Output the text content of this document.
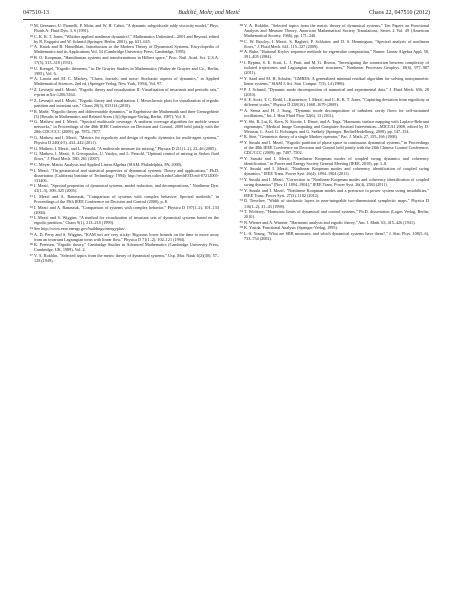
047510-13	Budišić, Mohr, and Mezić	Chaos 22, 047510 (2012)
15 M. Germano, U. Piomelli, P. Moin, and W. H. Cabot, "A dynamic subgridscale eddy viscosity model," Phys. Fluids A: Fluid Dyn. 3, 6 (1991).
16 C. K. R. T. Jones, "Whither applied nonlinear dynamics?," Mathematics Unlimited—2001 and Beyond, edited by B. Engquist and W. Schmid (Springer, Berlin, 2001), pp. 631–645.
17 A. Katok and B. Hasselblatt, Introduction to the Modern Theory of Dynamical Systems, Encyclopedia of Mathematics and its Applications Vol. 54 (Cambridge University Press, Cambridge, 1995).
18 B. O. Koopman, "Hamiltonian systems and transformations in Hilbert space," Proc. Natl. Acad. Sci. U.S.A. 17(5), 315–318 (1931).
19 U. Krengel, "Ergodic theorems," in De Gruyter Studies in Mathematics (Walter de Gruyter and Co., Berlin, 1985), Vol. 6.
20 A. Lasota and M. C. Mackey, "Chaos, fractals, and noise: Stochastic aspects of dynamics," in Applied Mathematical Sciences, 2nd ed. (Springer-Verlag, New York, 1994), Vol. 97.
21 Z. Levnajić and I. Mezić, "Ergodic theory and visualization II: Visualization of invariants and periodic sets," e-print arXiv:1206.3164.
22 Z. Levnajić and I. Mezić, "Ergodic theory and visualization. I. Mesochronic plots for visualization of ergodic partition and invariant sets," Chaos 20(3), 033114 (2010).
23 R. Mañé, "Ergodic theory and differentiable dynamics," in Ergebnisse der Mathematik und ihrer Grenzgebiete (3) [Results in Mathematics and Related Areas (3)] (Springer-Verlag, Berlin, 1987), Vol. 8.
24 G. Mathew and I. Mezić, "Spectral multiscale coverage: A uniform coverage algorithm for mobile sensor networks," in Proceedings of the 48th IEEE Conference on Decision and Control, 2009 held jointly with the 28th CDC/CCC (2009), pp. 7872–7877.
25 G. Mathew and I. Mezić, "Metrics for ergodicity and design of ergodic dynamics for multi-agent systems," Physica D 240(4-5), 432–442 (2011).
26 G. Mathew, I. Mezić, and L. Petzold, "A multiscale measure for mixing," Physica D 211(1–2), 23–46 (2005).
27 G. Mathew, I. Mezić, S. Grivopoulos, U. Vaidya, and L. Petzold, "Optimal control of mixing in Stokes fluid flows," J. Fluid Mech. 580, 261 (2007).
28 C. Meyer, Matrix Analysis and Applied Linear Algebra (SIAM, Philadelphia, PA, 2000).
29 I. Mezić, "On geometrical and statistical properties of dynamical systems: Theory and applications," Ph.D. dissertation (California Institute of Technology, 1994); http://resolver.caltech.edu/CaltechETD:etd-07212005-131406.
30 I. Mezić, "Spectral properties of dynamical systems, model reduction, and decompositions," Nonlinear Dyn. 41(1–3), 309–325 (2005).
31 I. Mezić and A. Banaszuk, "Comparison of systems with complex behavior: Spectral methods," in Proceedings of the 39th IEEE Conference on Decision and Control (2000), p. 8.
32 I. Mezić and A. Banaszuk, "Comparison of systems with complex behavior," Physica D 197(1–2), 101–133 (2004).
33 I. Mezić and S. Wiggins, "A method for visualization of invariant sets of dynamical systems based on the ergodic partition," Chaos 9(1), 213–218 (1999).
34 See http://www.eere.energy.gov/buildings/energyplus/.
35 A. D. Perry and S. Wiggins, "KAM tori are very sticky: Rigorous lower bounds on the time to move away from an invariant Lagrangian torus with linear flow," Physica D 71(1–2), 102–121 (1994).
36 K. Petersen, "Ergodic theory," Cambridge Studies in Advanced Mathematics (Cambridge University Press, Cambridge, UK, 1989), Vol. 2.
37 V. A. Rokhlin, "Selected topics from the metric theory of dynamical systems," Usp. Mat. Nauk 4(2)(30), 57–128 (1949).
38 V. A. Rokhlin, "Selected topics from the metric theory of dynamical systems," Ten Papers on Functional Analysis and Measure Theory, American Mathematical Society Translations, Series 2 Vol. 49 (American Mathematical Society, 1966), pp. 171–240.
39 C. W. Rowley, I. Mezić, S. Bagheri, P. Schlatter, and D. S. Henningson, "Spectral analysis of nonlinear flows," J. Fluid Mech. 641, 115–127 (2009).
40 A. Ruhe, "Rational Krylov sequence methods for eigenvalue computation," Numer. Linear Algebra Appl. 58, 391–405 (1984).
41 I. Rypina, S. E. Scott, L. J. Pratt, and M. G. Brown, "Investigating the connection between complexity of isolated trajectories and Lagrangian coherent structures," Nonlinear Processes Geophys. 18(6), 977–987 (2011).
42 Y. Saad and M. H. Schultz, "GMRES: A generalized minimal residual algorithm for solving nonsymmetric linear systems," SIAM J. Sci. Stat. Comput. 7(3), 14 (1986).
43 P. J. Schmid, "Dynamic mode decomposition of numerical and experimental data," J. Fluid Mech. 656, 28 (2010).
44 S. E. Scott, T. C. Redd, L. Kuznetsov, I. Mezić, and C. K. R. T. Jones, "Capturing deviation from ergodicity at different scales," Physica D 238(16), 1668–1679 (2009).
45 A. Seena and H. J. Sung, "Dynamic mode decomposition of turbulent cavity flows for self-sustained oscillations," Int. J. Heat Fluid Flow 32(6), 13 (2011).
46 Y. Shi, R. Lai, K. Kern, N. Sicotte, I. Dinov, and A. Toga, "Harmonic surface mapping with Laplace-Beltrami eigenmaps," Medical Image Computing and Computer-Assisted Intervention—MICCAI 2008, edited by D. Metaxas, L. Axel, G. Fichtinger, and G. Székely (Springer, Berlin/Heidelberg, 2008), pp. 147–154.
47 R. Sine, "Geometric theory of a single Markov operator," Pac. J. Math. 27, 155–166 (1968).
48 Y. Susuki and I. Mezić, "Ergodic partition of phase space in continuous dynamical systems," in Proceedings of the 48th IEEE Conference on Decision and Control held jointly with the 28th Chinese Control Conference, CDC/CCC (2009), pp. 7497–7502.
49 Y. Susuki and I. Mezić, "Nonlinear Koopman modes of coupled swing dynamics and coherency identification," in Power and Energy Society General Meeting (IEEE, 2010), pp. 1–8.
50 Y. Susuki and I. Mezić, "Nonlinear Koopman modes and coherency identification of coupled swing dynamics," IEEE Trans. Power Syst. 26(4), 1894–1904 (2011).
51 Y. Susuki and I. Mezić, "Correction to "Nonlinear Koopman modes and coherency identification of coupled swing dynamics" [Nov 11 1894–1904]," IEEE Trans. Power Syst. 26(4), 2584 (2011).
52 Y. Susuki and I. Mezić, "Nonlinear Koopman modes and a precursor to power system swing instabilities," IEEE Trans. Power Syst. 27(3), 1182 (2012).
53 D. Treschev, "Width of stochastic layers in near-integrable two-dimensional symplectic maps," Physica D 116(1–2), 21–43 (1998).
54 T. Wichtrey, "Harmonic limits of dynamical and control systems," Ph.D. dissertation (Logos Verlag, Berlin, 2010).
55 N. Wiener and A. Wintner, "Harmonic analysis and ergodic theory," Am. J. Math. 63, 415–426 (1941).
56 K. Yosida, Functional Analysis (Springer-Verlag, 1995).
57 L.-S. Young, "What are SRB measures, and which dynamical systems have them?," J. Stat. Phys. 108(5–6), 733–754 (2002).
